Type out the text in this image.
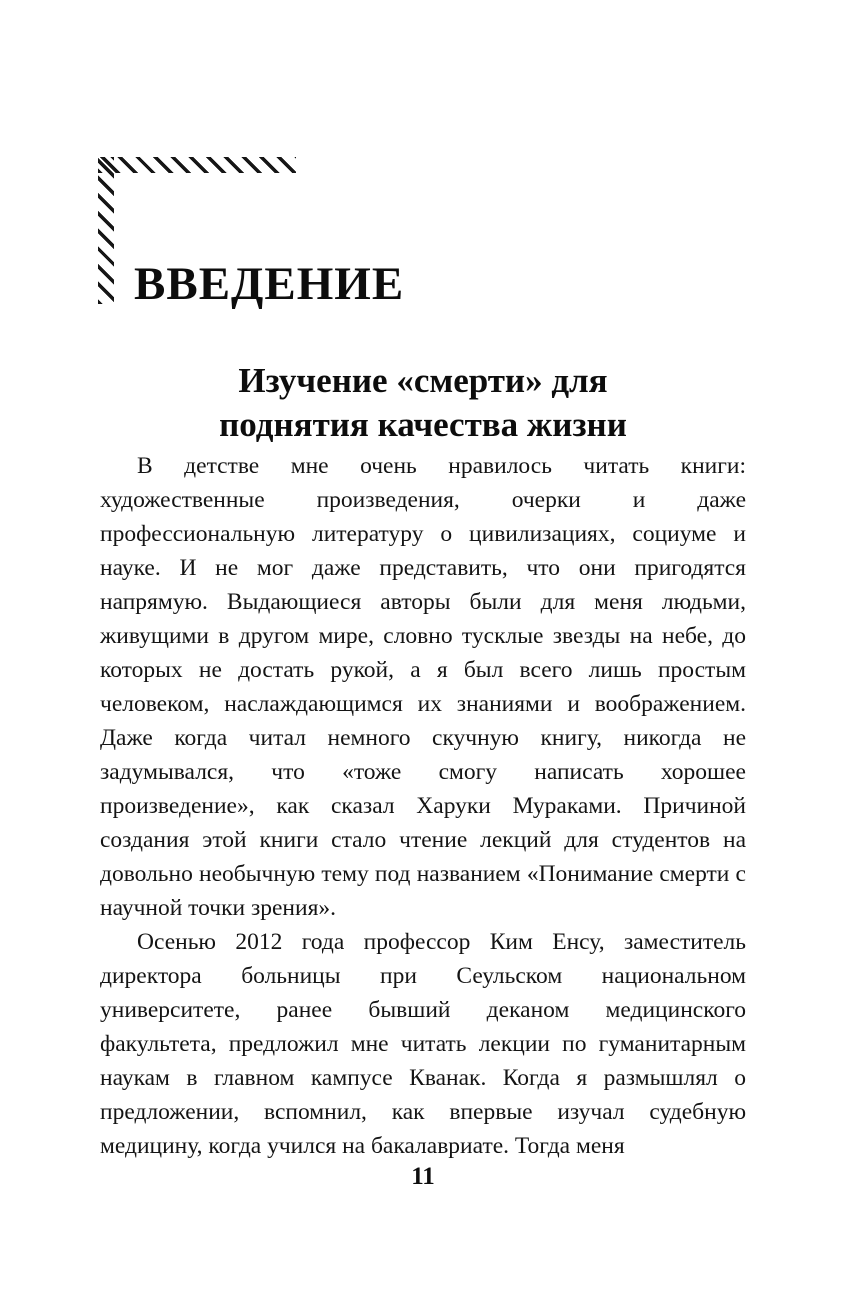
ВВЕДЕНИЕ
Изучение «смерти» для
поднятия качества жизни

В детстве мне очень нравилось читать книги: художественные произведения, очерки и даже профессиональную литературу о цивилизациях, социуме и науке. И не мог даже представить, что они пригодятся напрямую. Выдающиеся авторы были для меня людьми, живущими в другом мире, словно тусклые звезды на небе, до которых не достать рукой, а я был всего лишь простым человеком, наслаждающимся их знаниями и воображением. Даже когда читал немного скучную книгу, никогда не задумывался, что «тоже смогу написать хорошее произведение», как сказал Харуки Мураками. Причиной создания этой книги стало чтение лекций для студентов на довольно необычную тему под названием «Понимание смерти с научной точки зрения».

Осенью 2012 года профессор Ким Енсу, заместитель директора больницы при Сеульском национальном университете, ранее бывший деканом медицинского факультета, предложил мне читать лекции по гуманитарным наукам в главном кампусе Кванак. Когда я размышлял о предложении, вспомнил, как впервые изучал судебную медицину, когда учился на бакалавриате. Тогда меня

11
